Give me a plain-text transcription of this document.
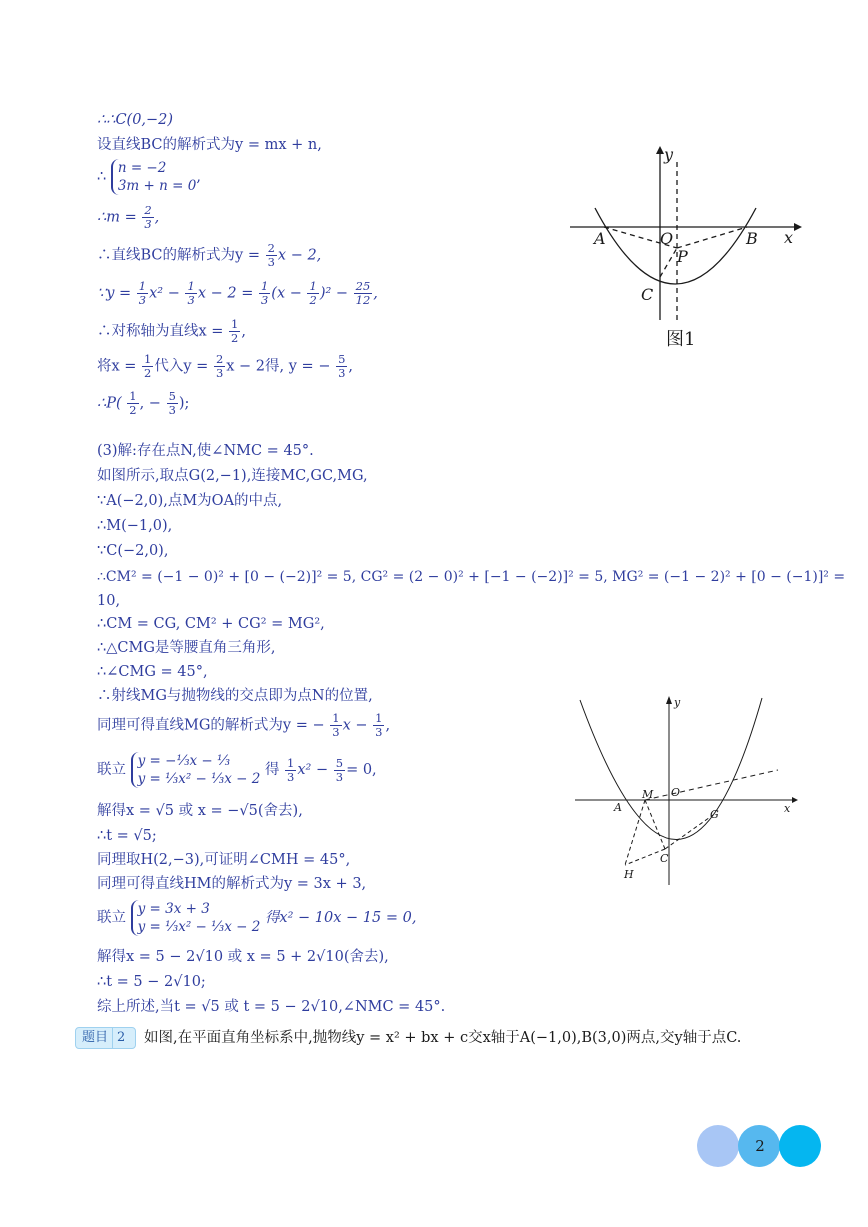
∴∴C(0,−2)
设直线BC的解析式为y = mx + n,
∴
n = −2
3m + n = 0
,
∴m = $\frac{2}{3}$ ,
∴直线BC的解析式为$y = \frac{2}{3}$ x − 2,
∵y = $\frac{1}{3} x^2 - \frac{1}{3}$ $x - 2 = \frac{1}{3} (x - \frac{1}{2} )^2 - \frac{25}{12}$ ,
∴对称轴为直线$x = \frac{1}{2}$ ,
将$x = \frac{1}{2}$ 代入$y = \frac{2}{3}$ x − 2得, y = − $\frac{5}{3}$ ,
∴P( $\frac{1}{2}$ , − $\frac{5}{3}$ );
(3)解:存在点N,使∠NMC = 45°.
如图所示,取点G(2,−1),连接MC,GC,MG,
∵A(−2,0),点M为OA的中点,
∴M(−1,0),
∵C(−2,0),
∴CM² = (−1 − 0)² + [0 − (−2)]² = 5, CG² = (2 − 0)² + [−1 − (−2)]² = 5, MG² = (−1 − 2)² + [0 − (−1)]² =
10,
∴CM = CG, CM² + CG² = MG²,
∴△CMG是等腰直角三角形,
∴∠CMG = 45°,
∴射线MG与抛物线的交点即为点N的位置,
同理可得直线MG的解析式为y = − $\frac{1}{3}$ $x - \frac{1}{3}$ ,
联立
y = −⅓x − ⅓
y = ⅓x² − ⅓x − 2
得 $\frac{1}{3} x^2 - \frac{5}{3} = 0$,
解得x = √5 或 x = −√5(舍去),
∴t = √5;
同理取H(2,−3),可证明∠CMH = 45°,
同理可得直线HM的解析式为y = 3x + 3,
联立
y = 3x + 3
y = ⅓x² − ⅓x − 2
得x² − 10x − 15 = 0,
解得x = 5 − 2√10 或 x = 5 + 2√10(舍去),
∴t = 5 − 2√10;
综上所述,当t = √5 或 t = 5 − 2√10,∠NMC = 45°.
y
x
A	O	B
P
C
图1
y
x
A
M O
G
C
H
题目 2	如图,在平面直角坐标系中,抛物线y = x² + bx + c交x轴于A(−1,0),B(3,0)两点,交y轴于点C.
2
